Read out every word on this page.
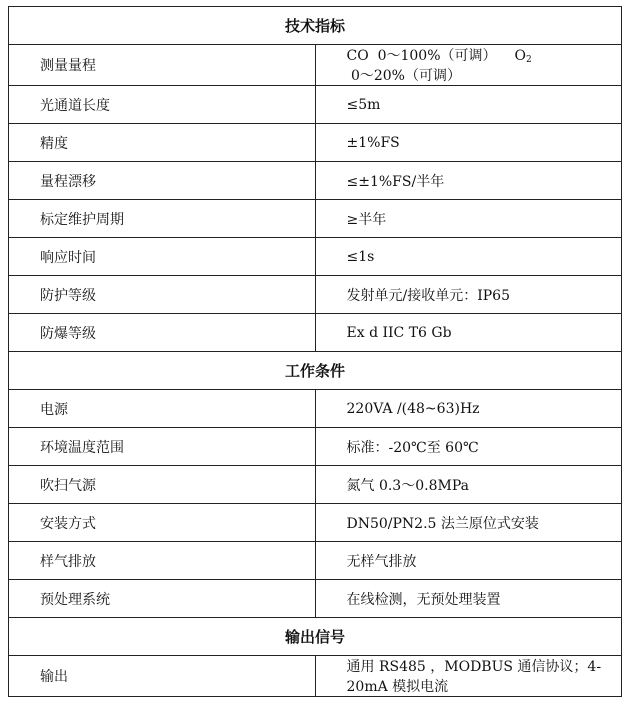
技术指标	
测量量程	CO  0～100%（可调） $O_2$ 0～20%（可调）
光通道长度	≤5m
精度	±1%FS
量程漂移	≤±1%FS/半年
标定维护周期	≥半年
响应时间	≤1s
防护等级	发射单元/接收单元：IP65
防爆等级	Ex d IIC T6 Gb
工作条件	
电源	220VA /(48~63)Hz
环境温度范围	标准：-20℃至 60℃
吹扫气源	氮气 0.3～0.8MPa
安装方式	DN50/PN2.5 法兰原位式安装
样气排放	无样气排放
预处理系统	在线检测，无预处理装置
输出信号	
输出	通用 RS485 ，MODBUS 通信协议；4-20mA 模拟电流
